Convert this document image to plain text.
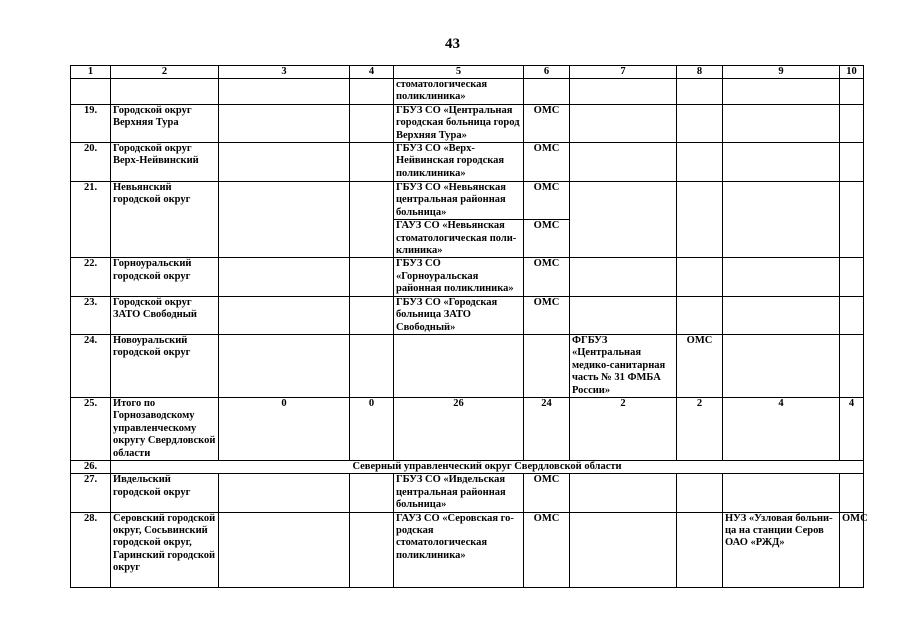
43
1	2	3	4	5	6	7	8	9	10
				стоматологическая поликлиника»					
19.	Городской округ Верхняя Тура			ГБУЗ СО «Центральная городская больница город Верхняя Тура»	ОМС				
20.	Городской округ Верх-Нейвинский			ГБУЗ СО «Верх-Нейвинская городская поликлиника»	ОМС				
21.	Невьянский городской округ			ГБУЗ СО «Невьянская центральная районная больница»	ОМС				
				ГАУЗ СО «Невьянская стоматологическая поли-клиника»	ОМС				
22.	Горноуральский городской округ			ГБУЗ СО «Горноуральская районная поликлиника»	ОМС				
23.	Городской округ ЗАТО Свободный			ГБУЗ СО «Городская больница ЗАТО Свободный»	ОМС				
24.	Новоуральский городской округ					ФГБУЗ «Центральная медико-санитарная часть № 31 ФМБА России»	ОМС		
25.	Итого по Горнозаводскому управленческому округу Свердловской области	0	0	26	24	2	2	4	4
26.	Северный управленческий округ Свердловской области								
27.	Ивдельский городской округ			ГБУЗ СО «Ивдельская центральная районная больница»	ОМС				
28.	Серовский городской округ, Сосьвинский городской округ, Гаринский городской округ			ГАУЗ СО «Серовская го-родская стоматологическая поликлиника»	ОМС			НУЗ «Узловая больни-ца на станции Серов ОАО «РЖД»	ОМС
